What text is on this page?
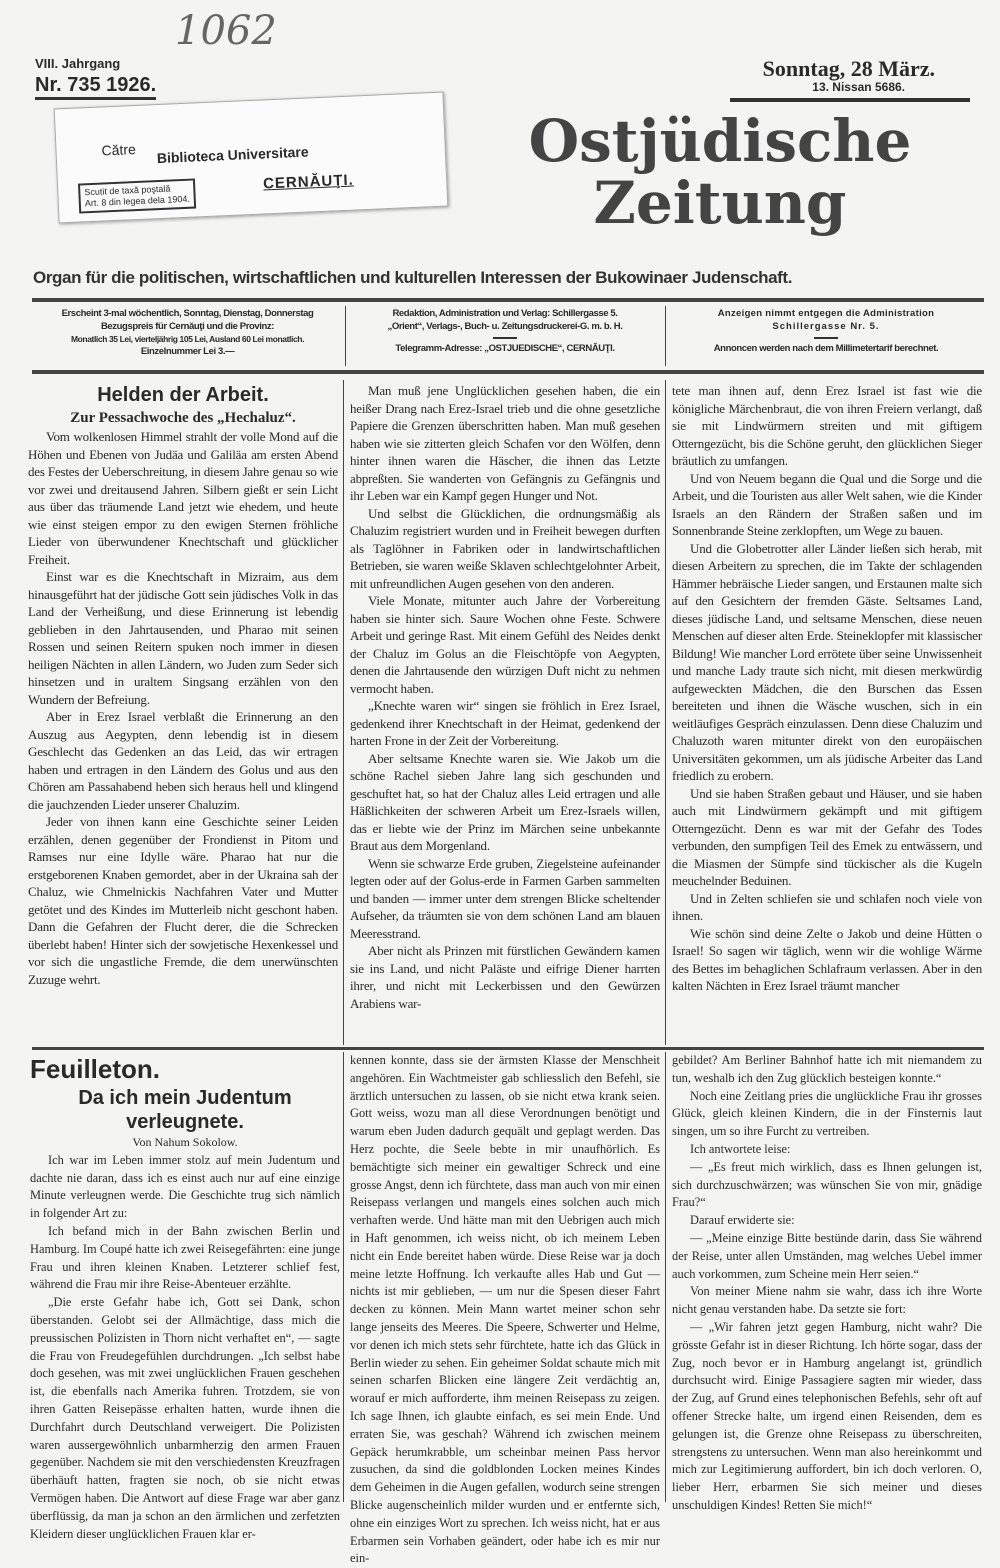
1062
VIII. Jahrgang
Nr. 735 1926.
Sonntag, 28 März.
13. Nissan 5686.
Ostjüdische Zeitung
Către Biblioteca Universitare
Scutit de taxă poştală
Art. 8 din legea dela 1904.
CERNĂUŢI.
Organ für die politischen, wirtschaftlichen und kulturellen Interessen der Bukowinaer Judenschaft.
Erscheint 3-mal wöchentlich, Sonntag, Dienstag, Donnerstag
Bezugspreis für Cernăuţi und die Provinz:
Monatlich 35 Lei, vierteljährig 105 Lei, Ausland 60 Lei monatlich.
Einzelnummer Lei 3.—
Redaktion, Administration und Verlag: Schillergasse 5.
„Orient“, Verlags-, Buch- u. Zeitungsdruckerei-G. m. b. H.
Telegramm-Adresse: „OSTJUEDISCHE“, CERNĂUŢI.
Anzeigen nimmt entgegen die Administration
Schillergasse Nr. 5.
Annoncen werden nach dem Millimetertarif berechnet.
Helden der Arbeit.
Zur Pessachwoche des „Hechaluz“.

Vom wolkenlosen Himmel strahlt der volle Mond auf die Höhen und Ebenen von Judäa und Galiläa am ersten Abend des Festes der Ueberschreitung, in diesem Jahre genau so wie vor zwei und dreitausend Jahren. Silbern gießt er sein Licht aus über das träumende Land jetzt wie ehedem, und heute wie einst steigen empor zu den ewigen Sternen fröhliche Lieder von überwundener Knechtschaft und glücklicher Freiheit.

Einst war es die Knechtschaft in Mizraim, aus dem hinausgeführt hat der jüdische Gott sein jüdisches Volk in das Land der Verheißung, und diese Erinnerung ist lebendig geblieben in den Jahrtausenden, und Pharao mit seinen Rossen und seinen Reitern spuken noch immer in diesen heiligen Nächten in allen Ländern, wo Juden zum Seder sich hinsetzen und in uraltem Singsang erzählen von den Wundern der Befreiung.

Aber in Erez Israel verblaßt die Erinnerung an den Auszug aus Aegypten, denn lebendig ist in diesem Geschlecht das Gedenken an das Leid, das wir ertragen haben und ertragen in den Ländern des Golus und aus den Chören am Passahabend heben sich heraus hell und klingend die jauchzenden Lieder unserer Chaluzim.

Jeder von ihnen kann eine Geschichte seiner Leiden erzählen, denen gegenüber der Frondienst in Pitom und Ramses nur eine Idylle wäre. Pharao hat nur die erstgeborenen Knaben gemordet, aber in der Ukraina sah der Chaluz, wie Chmelnickis Nachfahren Vater und Mutter getötet und des Kindes im Mutterleib nicht geschont haben. Dann die Gefahren der Flucht derer, die die Schrecken überlebt haben! Hinter sich der sowjetische Hexenkessel und vor sich die ungastliche Fremde, die dem unerwünschten Zuzuge wehrt.

Man muß jene Unglücklichen gesehen haben, die ein heißer Drang nach Erez-Israel trieb und die ohne gesetzliche Papiere die Grenzen überschritten haben. Man muß gesehen haben wie sie zitterten gleich Schafen vor den Wölfen, denn hinter ihnen waren die Häscher, die ihnen das Letzte abpreßten. Sie wanderten von Gefängnis zu Gefängnis und ihr Leben war ein Kampf gegen Hunger und Not.

Und selbst die Glücklichen, die ordnungsmäßig als Chaluzim registriert wurden und in Freiheit bewegen durften als Taglöhner in Fabriken oder in landwirtschaftlichen Betrieben, sie waren weiße Sklaven schlechtgelohnter Arbeit, mit unfreundlichen Augen gesehen von den anderen.

Viele Monate, mitunter auch Jahre der Vorbereitung haben sie hinter sich. Saure Wochen ohne Feste. Schwere Arbeit und geringe Rast. Mit einem Gefühl des Neides denkt der Chaluz im Golus an die Fleischtöpfe von Aegypten, denen die Jahrtausende den würzigen Duft nicht zu nehmen vermocht haben.

„Knechte waren wir“ singen sie fröhlich in Erez Israel, gedenkend ihrer Knechtschaft in der Heimat, gedenkend der harten Frone in der Zeit der Vorbereitung.

Aber seltsame Knechte waren sie. Wie Jakob um die schöne Rachel sieben Jahre lang sich geschunden und geschuftet hat, so hat der Chaluz alles Leid ertragen und alle Häßlichkeiten der schweren Arbeit um Erez-Israels willen, das er liebte wie der Prinz im Märchen seine unbekannte Braut aus dem Morgenland.

Wenn sie schwarze Erde gruben, Ziegelsteine aufeinander legten oder auf der Golus-erde in Farmen Garben sammelten und banden — immer unter dem strengen Blicke scheltender Aufseher, da träumten sie von dem schönen Land am blauen Meeresstrand.

Aber nicht als Prinzen mit fürstlichen Gewändern kamen sie ins Land, und nicht Paläste und eifrige Diener harrten ihrer, und nicht mit Leckerbissen und den Gewürzen Arabiens war-

tete man ihnen auf, denn Erez Israel ist fast wie die königliche Märchenbraut, die von ihren Freiern verlangt, daß sie mit Lindwürmern streiten und mit giftigem Otterngezücht, bis die Schöne geruht, den glücklichen Sieger bräutlich zu umfangen.

Und von Neuem begann die Qual und die Sorge und die Arbeit, und die Touristen aus aller Welt sahen, wie die Kinder Israels an den Rändern der Straßen saßen und im Sonnenbrande Steine zerklopften, um Wege zu bauen.

Und die Globetrotter aller Länder ließen sich herab, mit diesen Arbeitern zu sprechen, die im Takte der schlagenden Hämmer hebräische Lieder sangen, und Erstaunen malte sich auf den Gesichtern der fremden Gäste. Seltsames Land, dieses jüdische Land, und seltsame Menschen, diese neuen Menschen auf dieser alten Erde. Steineklopfer mit klassischer Bildung! Wie mancher Lord errötete über seine Unwissenheit und manche Lady traute sich nicht, mit diesen merkwürdig aufgeweckten Mädchen, die den Burschen das Essen bereiteten und ihnen die Wäsche wuschen, sich in ein weitläufiges Gespräch einzulassen. Denn diese Chaluzim und Chaluzoth waren mitunter direkt von den europäischen Universitäten gekommen, um als jüdische Arbeiter das Land friedlich zu erobern.

Und sie haben Straßen gebaut und Häuser, und sie haben auch mit Lindwürmern gekämpft und mit giftigem Otterngezücht. Denn es war mit der Gefahr des Todes verbunden, den sumpfigen Teil des Emek zu entwässern, und die Miasmen der Sümpfe sind tückischer als die Kugeln meuchelnder Beduinen.

Und in Zelten schliefen sie und schlafen noch viele von ihnen.

Wie schön sind deine Zelte o Jakob und deine Hütten o Israel! So sagen wir täglich, wenn wir die wohlige Wärme des Bettes im behaglichen Schlafraum verlassen. Aber in den kalten Nächten in Erez Israel träumt mancher

Feuilleton.
Da ich mein Judentum verleugnete.
Von Nahum Sokolow.

Ich war im Leben immer stolz auf mein Judentum und dachte nie daran, dass ich es einst auch nur auf eine einzige Minute verleugnen werde. Die Geschichte trug sich nämlich in folgender Art zu:

Ich befand mich in der Bahn zwischen Berlin und Hamburg. Im Coupé hatte ich zwei Reisegefährten: eine junge Frau und ihren kleinen Knaben. Letzterer schlief fest, während die Frau mir ihre Reise-Abenteuer erzählte.

„Die erste Gefahr habe ich, Gott sei Dank, schon überstanden. Gelobt sei der Allmächtige, dass mich die preussischen Polizisten in Thorn nicht verhaftet en“, — sagte die Frau von Freudegefühlen durchdrungen. „Ich selbst habe doch gesehen, was mit zwei unglücklichen Frauen geschehen ist, die ebenfalls nach Amerika fuhren. Trotzdem, sie von ihren Gatten Reisepässe erhalten hatten, wurde ihnen die Durchfahrt durch Deutschland verweigert. Die Polizisten waren aussergewöhnlich unbarmherzig den armen Frauen gegenüber. Nachdem sie mit den verschiedensten Kreuzfragen überhäuft hatten, fragten sie noch, ob sie nicht etwas Vermögen haben. Die Antwort auf diese Frage war aber ganz überflüssig, da man ja schon an den ärmlichen und zerfetzten Kleidern dieser unglücklichen Frauen klar er-

kennen konnte, dass sie der ärmsten Klasse der Menschheit angehören. Ein Wachtmeister gab schliesslich den Befehl, sie ärztlich untersuchen zu lassen, ob sie nicht etwa krank seien. Gott weiss, wozu man all diese Verordnungen benötigt und warum eben Juden dadurch gequält und geplagt werden. Das Herz pochte, die Seele bebte in mir unaufhörlich. Es bemächtigte sich meiner ein gewaltiger Schreck und eine grosse Angst, denn ich fürchtete, dass man auch von mir einen Reisepass verlangen und mangels eines solchen auch mich verhaften werde. Und hätte man mit den Uebrigen auch mich in Haft genommen, ich weiss nicht, ob ich meinem Leben nicht ein Ende bereitet haben würde. Diese Reise war ja doch meine letzte Hoffnung. Ich verkaufte alles Hab und Gut — nichts ist mir geblieben, — um nur die Spesen dieser Fahrt decken zu können. Mein Mann wartet meiner schon sehr lange jenseits des Meeres. Die Speere, Schwerter und Helme, vor denen ich mich stets sehr fürchtete, hatte ich das Glück in Berlin wieder zu sehen. Ein geheimer Soldat schaute mich mit seinen scharfen Blicken eine längere Zeit verdächtig an, worauf er mich aufforderte, ihm meinen Reisepass zu zeigen. Ich sage Ihnen, ich glaubte einfach, es sei mein Ende. Und erraten Sie, was geschah? Während ich zwischen meinem Gepäck herumkrabble, um scheinbar meinen Pass hervor zusuchen, da sind die goldblonden Locken meines Kindes dem Geheimen in die Augen gefallen, wodurch seine strengen Blicke augenscheinlich milder wurden und er entfernte sich, ohne ein einziges Wort zu sprechen. Ich weiss nicht, hat er aus Erbarmen sein Vorhaben geändert, oder habe ich es mir nur ein-

gebildet? Am Berliner Bahnhof hatte ich mit niemandem zu tun, weshalb ich den Zug glücklich besteigen konnte.“

Noch eine Zeitlang pries die unglückliche Frau ihr grosses Glück, gleich kleinen Kindern, die in der Finsternis laut singen, um so ihre Furcht zu vertreiben.

Ich antwortete leise:

— „Es freut mich wirklich, dass es Ihnen gelungen ist, sich durchzuschwärzen; was wünschen Sie von mir, gnädige Frau?“

Darauf erwiderte sie:

— „Meine einzige Bitte bestünde darin, dass Sie während der Reise, unter allen Umständen, mag welches Uebel immer auch vorkommen, zum Scheine mein Herr seien.“

Von meiner Miene nahm sie wahr, dass ich ihre Worte nicht genau verstanden habe. Da setzte sie fort:

— „Wir fahren jetzt gegen Hamburg, nicht wahr? Die grösste Gefahr ist in dieser Richtung. Ich hörte sogar, dass der Zug, noch bevor er in Hamburg angelangt ist, gründlich durchsucht wird. Einige Passagiere sagten mir wieder, dass der Zug, auf Grund eines telephonischen Befehls, sehr oft auf offener Strecke halte, um irgend einen Reisenden, dem es gelungen ist, die Grenze ohne Reisepass zu überschreiten, strengstens zu untersuchen. Wenn man also hereinkommt und mich zur Legitimierung auffordert, bin ich doch verloren. O, lieber Herr, erbarmen Sie sich meiner und dieses unschuldigen Kindes! Retten Sie mich!“
